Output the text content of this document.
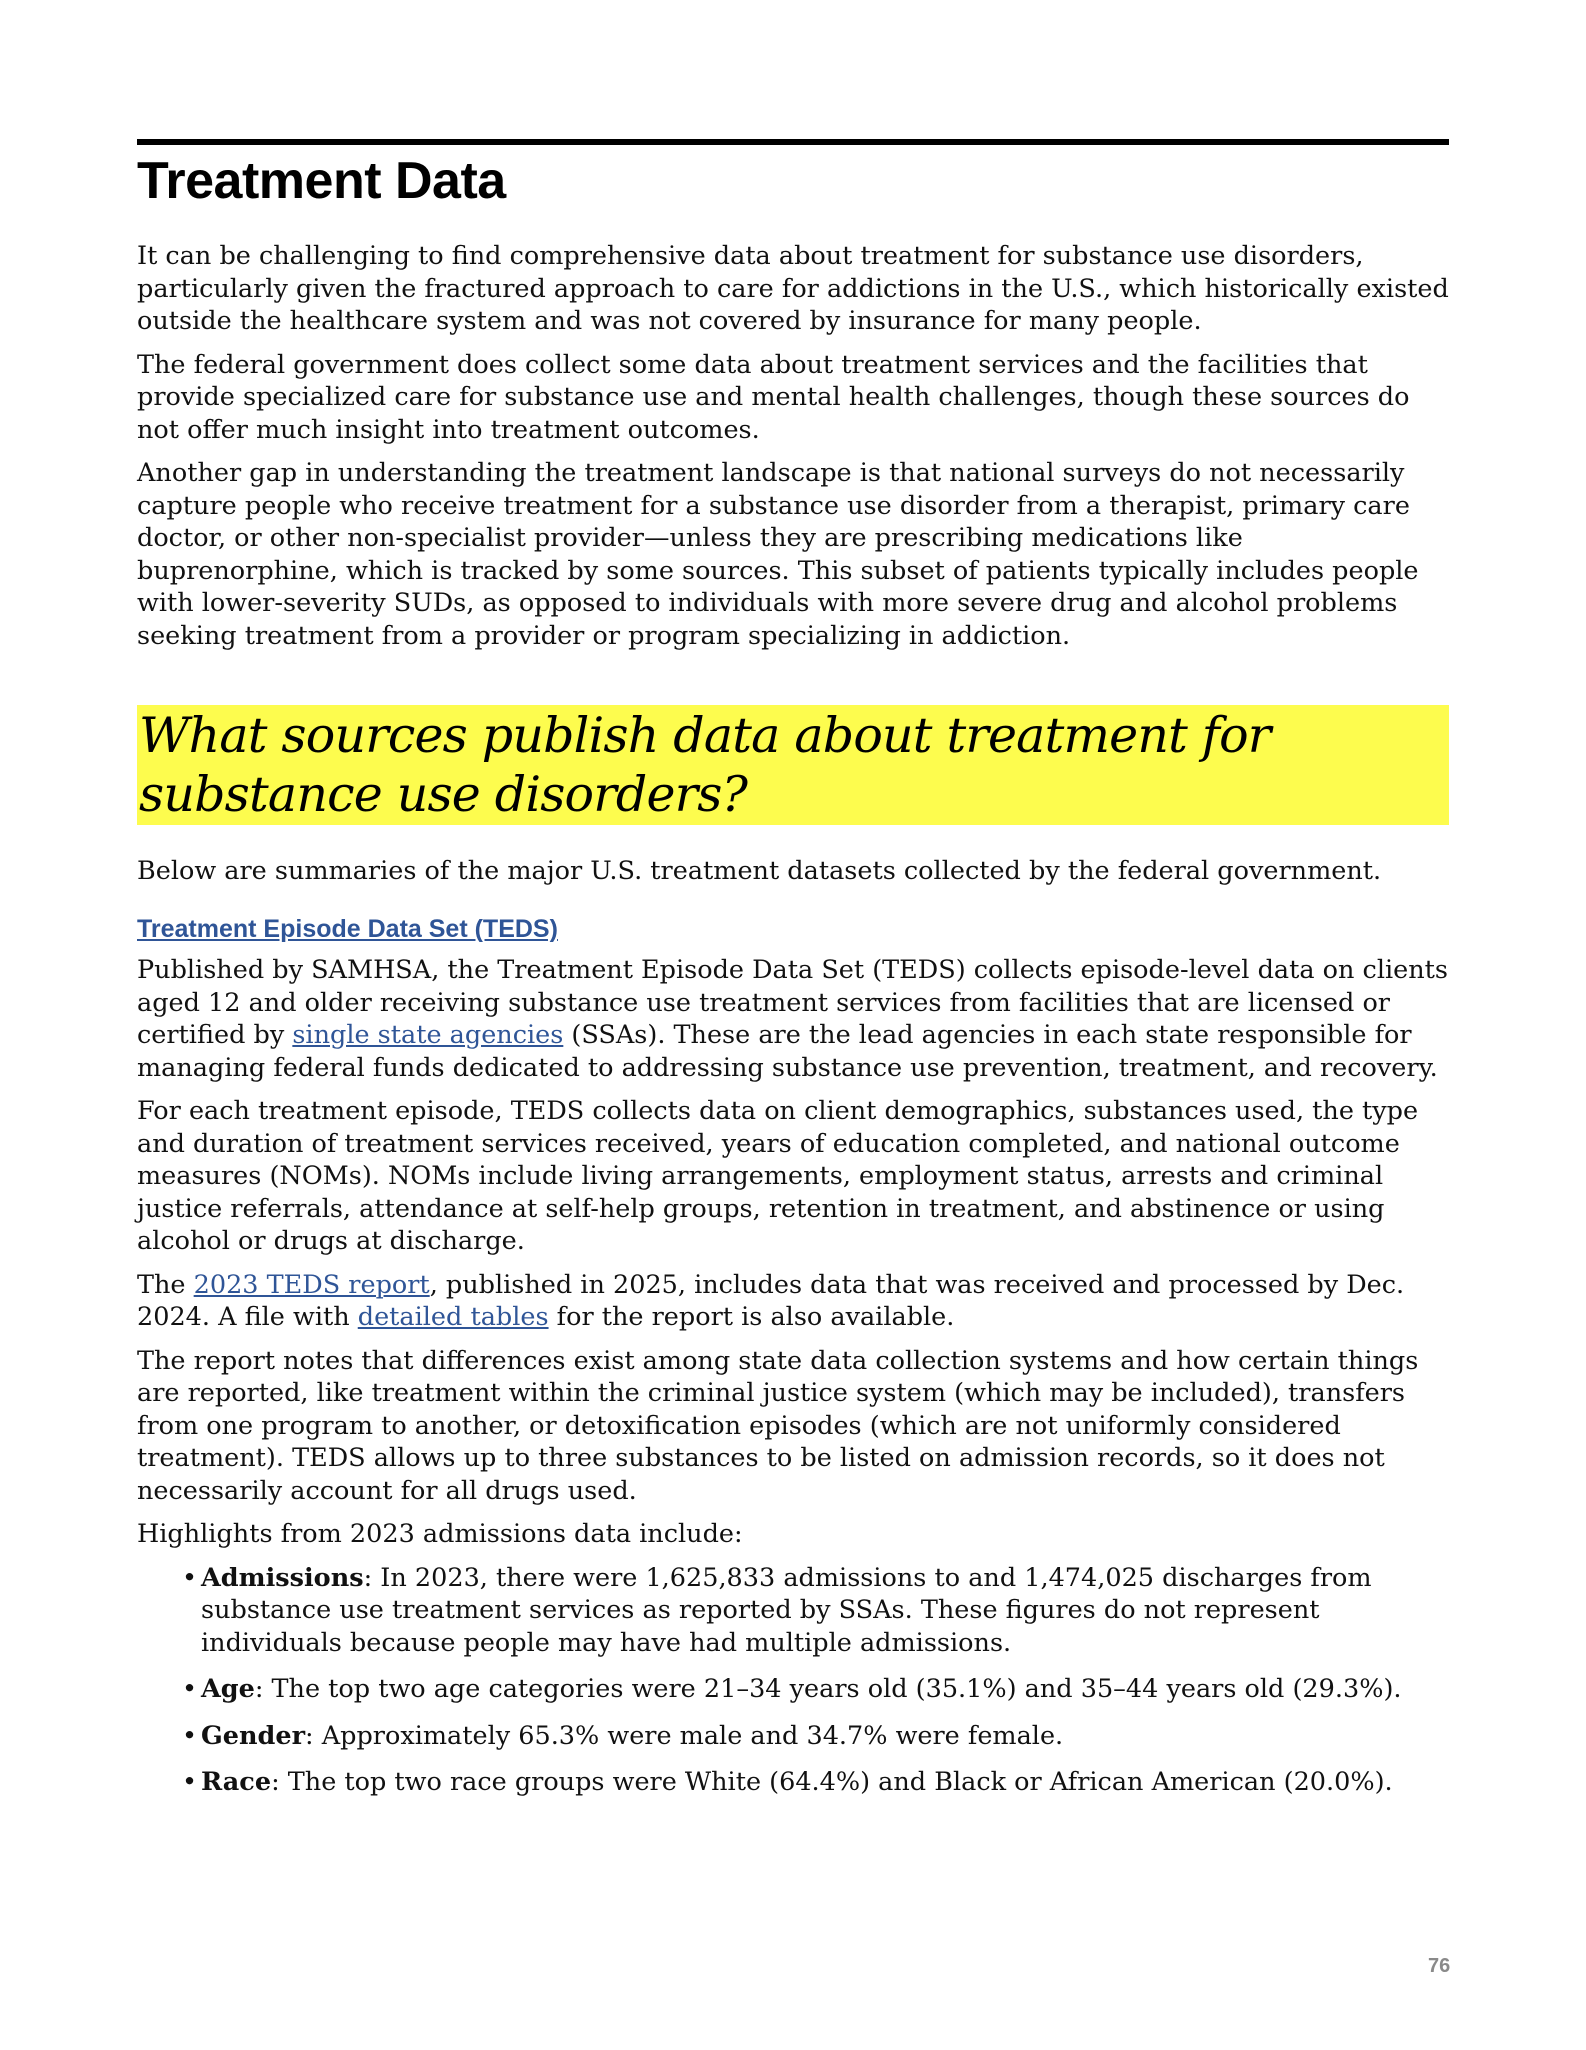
Treatment Data

It can be challenging to find comprehensive data about treatment for substance use disorders, particularly given the fractured approach to care for addictions in the U.S., which historically existed outside the healthcare system and was not covered by insurance for many people.

The federal government does collect some data about treatment services and the facilities that provide specialized care for substance use and mental health challenges, though these sources do not offer much insight into treatment outcomes.

Another gap in understanding the treatment landscape is that national surveys do not necessarily capture people who receive treatment for a substance use disorder from a therapist, primary care doctor, or other non-specialist provider—unless they are prescribing medications like buprenorphine, which is tracked by some sources. This subset of patients typically includes people with lower-severity SUDs, as opposed to individuals with more severe drug and alcohol problems seeking treatment from a provider or program specializing in addiction.

What sources publish data about treatment for substance use disorders?

Below are summaries of the major U.S. treatment datasets collected by the federal government.

Treatment Episode Data Set (TEDS)

Published by SAMHSA, the Treatment Episode Data Set (TEDS) collects episode-level data on clients aged 12 and older receiving substance use treatment services from facilities that are licensed or certified by single state agencies (SSAs). These are the lead agencies in each state responsible for managing federal funds dedicated to addressing substance use prevention, treatment, and recovery.

For each treatment episode, TEDS collects data on client demographics, substances used, the type and duration of treatment services received, years of education completed, and national outcome measures (NOMs). NOMs include living arrangements, employment status, arrests and criminal justice referrals, attendance at self-help groups, retention in treatment, and abstinence or using alcohol or drugs at discharge.

The 2023 TEDS report, published in 2025, includes data that was received and processed by Dec. 2024. A file with detailed tables for the report is also available.

The report notes that differences exist among state data collection systems and how certain things are reported, like treatment within the criminal justice system (which may be included), transfers from one program to another, or detoxification episodes (which are not uniformly considered treatment). TEDS allows up to three substances to be listed on admission records, so it does not necessarily account for all drugs used.

Highlights from 2023 admissions data include:

• Admissions: In 2023, there were 1,625,833 admissions to and 1,474,025 discharges from substance use treatment services as reported by SSAs. These figures do not represent individuals because people may have had multiple admissions.
• Age: The top two age categories were 21–34 years old (35.1%) and 35–44 years old (29.3%).
• Gender: Approximately 65.3% were male and 34.7% were female.
• Race: The top two race groups were White (64.4%) and Black or African American (20.0%).
76
